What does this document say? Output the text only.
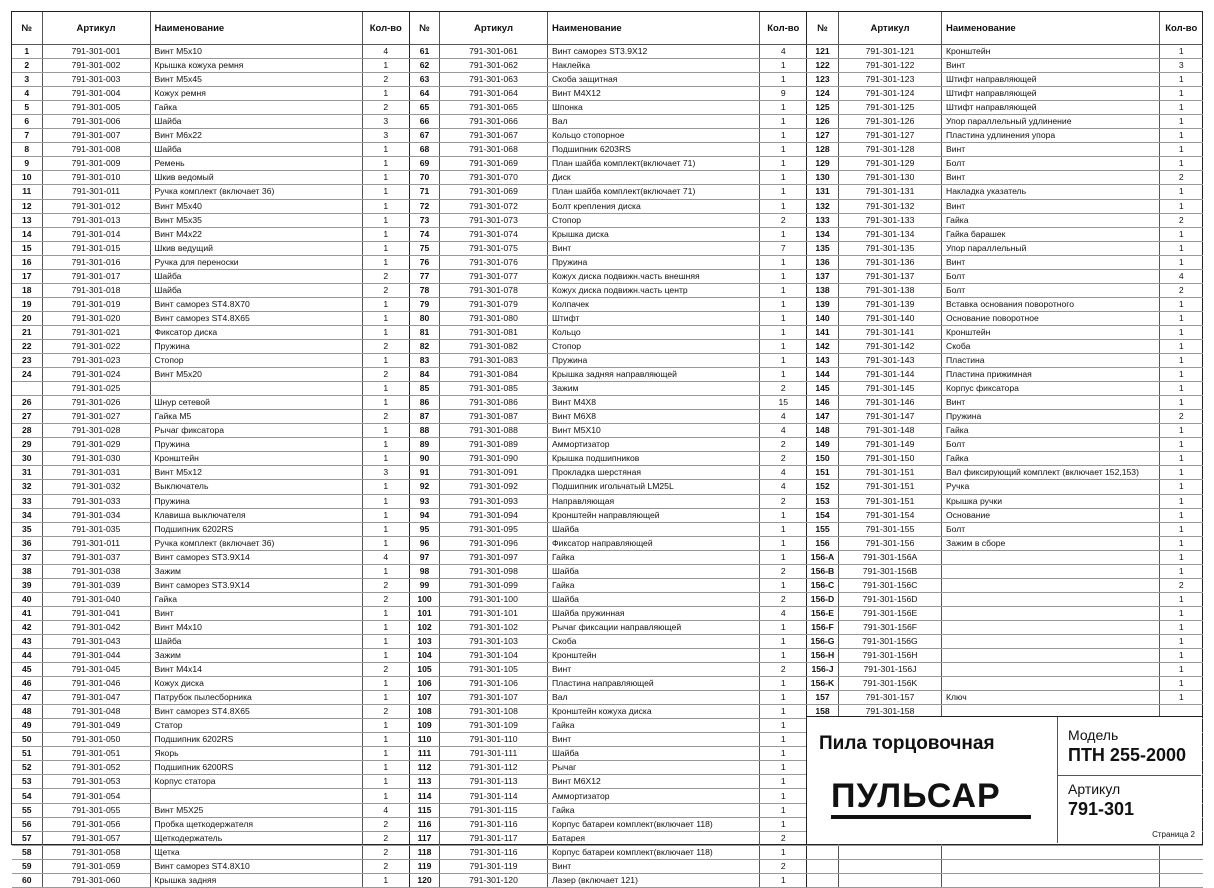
№	Артикул	Наименование	Кол-во
1	791-301-001	Винт M5x10	4
2	791-301-002	Крышка кожуха ремня	1
3	791-301-003	Винт M5x45	2
4	791-301-004	Кожух ремня	1
5	791-301-005	Гайка	2
6	791-301-006	Шайба	3
7	791-301-007	Винт M6x22	3
8	791-301-008	Шайба	1
9	791-301-009	Ремень	1
10	791-301-010	Шкив ведомый	1
11	791-301-011	Ручка комплект (включает 36)	1
12	791-301-012	Винт M5x40	1
13	791-301-013	Винт M5x35	1
14	791-301-014	Винт M4x22	1
15	791-301-015	Шкив ведущий	1
16	791-301-016	Ручка для переноски	1
17	791-301-017	Шайба	2
18	791-301-018	Шайба	2
19	791-301-019	Винт саморез ST4.8X70	1
20	791-301-020	Винт саморез ST4.8X65	1
21	791-301-021	Фиксатор диска	1
22	791-301-022	Пружина	2
23	791-301-023	Стопор	1
24	791-301-024	Винт M5x20	2
	791-301-025		1
26	791-301-026	Шнур сетевой	1
27	791-301-027	Гайка M5	2
28	791-301-028	Рычаг фиксатора	1
29	791-301-029	Пружина	1
30	791-301-030	Кронштейн	1
31	791-301-031	Винт M5x12	3
32	791-301-032	Выключатель	1
33	791-301-033	Пружина	1
34	791-301-034	Клавиша выключателя	1
35	791-301-035	Подшипник 6202RS	1
36	791-301-011	Ручка комплект (включает 36)	1
37	791-301-037	Винт саморез ST3.9X14	4
38	791-301-038	Зажим	1
39	791-301-039	Винт саморез ST3.9X14	2
40	791-301-040	Гайка	2
41	791-301-041	Винт	1
42	791-301-042	Винт M4x10	1
43	791-301-043	Шайба	1
44	791-301-044	Зажим	1
45	791-301-045	Винт M4x14	2
46	791-301-046	Кожух диска	1
47	791-301-047	Патрубок пылесборника	1
48	791-301-048	Винт саморез ST4.8X65	2
49	791-301-049	Статор	1
50	791-301-050	Подшипник 6202RS	1
51	791-301-051	Якорь	1
52	791-301-052	Подшипник 6200RS	1
53	791-301-053	Корпус статора	1
54	791-301-054		1
55	791-301-055	Винт M5X25	4
56	791-301-056	Пробка щеткодержателя	2
57	791-301-057	Щеткодержатель	2
58	791-301-058	Щетка	2
59	791-301-059	Винт саморез ST4.8X10	2
60	791-301-060	Крышка задняя	1
№	Артикул	Наименование	Кол-во
61	791-301-061	Винт саморез ST3.9X12	4
62	791-301-062	Наклейка	1
63	791-301-063	Скоба защитная	1
64	791-301-064	Винт M4X12	9
65	791-301-065	Шпонка	1
66	791-301-066	Вал	1
67	791-301-067	Кольцо стопорное	1
68	791-301-068	Подшипник 6203RS	1
69	791-301-069	План шайба комплект(включает 71)	1
70	791-301-070	Диск	1
71	791-301-069	План шайба комплект(включает 71)	1
72	791-301-072	Болт крепления диска	1
73	791-301-073	Стопор	2
74	791-301-074	Крышка диска	1
75	791-301-075	Винт	7
76	791-301-076	Пружина	1
77	791-301-077	Кожух диска подвижн.часть внешняя	1
78	791-301-078	Кожух диска подвижн.часть центр	1
79	791-301-079	Колпачек	1
80	791-301-080	Штифт	1
81	791-301-081	Кольцо	1
82	791-301-082	Стопор	1
83	791-301-083	Пружина	1
84	791-301-084	Крышка задняя направляющей	1
85	791-301-085	Зажим	2
86	791-301-086	Винт M4X8	15
87	791-301-087	Винт M6X8	4
88	791-301-088	Винт M5X10	4
89	791-301-089	Аммортизатор	2
90	791-301-090	Крышка подшипников	2
91	791-301-091	Прокладка шерстяная	4
92	791-301-092	Подшипник игольчатый LM25L	4
93	791-301-093	Направляющая	2
94	791-301-094	Кронштейн направляющей	1
95	791-301-095	Шайба	1
96	791-301-096	Фиксатор направляющей	1
97	791-301-097	Гайка	1
98	791-301-098	Шайба	2
99	791-301-099	Гайка	1
100	791-301-100	Шайба	2
101	791-301-101	Шайба пружинная	4
102	791-301-102	Рычаг фиксации направляющей	1
103	791-301-103	Скоба	1
104	791-301-104	Кронштейн	1
105	791-301-105	Винт	2
106	791-301-106	Пластина направляющей	1
107	791-301-107	Вал	1
108	791-301-108	Кронштейн кожуха диска	1
109	791-301-109	Гайка	1
110	791-301-110	Винт	1
111	791-301-111	Шайба	1
112	791-301-112	Рычаг	1
113	791-301-113	Винт M6X12	1
114	791-301-114	Аммортизатор	1
115	791-301-115	Гайка	1
116	791-301-116	Корпус батареи комплект(включает 118)	1
117	791-301-117	Батарея	2
118	791-301-116	Корпус батареи комплект(включает 118)	1
119	791-301-119	Винт	2
120	791-301-120	Лазер (включает 121)	1
№	Артикул	Наименование	Кол-во
121	791-301-121	Кронштейн	1
122	791-301-122	Винт	3
123	791-301-123	Штифт направляющей	1
124	791-301-124	Штифт направляющей	1
125	791-301-125	Штифт направляющей	1
126	791-301-126	Упор параллельный удлинение	1
127	791-301-127	Пластина удлинения упора	1
128	791-301-128	Винт	1
129	791-301-129	Болт	1
130	791-301-130	Винт	2
131	791-301-131	Накладка указатель	1
132	791-301-132	Винт	1
133	791-301-133	Гайка	2
134	791-301-134	Гайка барашек	1
135	791-301-135	Упор параллельный	1
136	791-301-136	Винт	1
137	791-301-137	Болт	4
138	791-301-138	Болт	2
139	791-301-139	Вставка основания поворотного	1
140	791-301-140	Основание поворотное	1
141	791-301-141	Кронштейн	1
142	791-301-142	Скоба	1
143	791-301-143	Пластина	1
144	791-301-144	Пластина прижимная	1
145	791-301-145	Корпус фиксатора	1
146	791-301-146	Винт	1
147	791-301-147	Пружина	2
148	791-301-148	Гайка	1
149	791-301-149	Болт	1
150	791-301-150	Гайка	1
151	791-301-151	Вал фиксирующий комплект (включает 152,153)	1
152	791-301-151	Ручка	1
153	791-301-151	Крышка ручки	1
154	791-301-154	Основание	1
155	791-301-155	Болт	1
156	791-301-156	Зажим в сборе	1
156-A	791-301-156A		1
156-B	791-301-156B		1
156-C	791-301-156C		2
156-D	791-301-156D		1
156-E	791-301-156E		1
156-F	791-301-156F		1
156-G	791-301-156G		1
156-H	791-301-156H		1
156-J	791-301-156J		1
156-K	791-301-156K		1
157	791-301-157	Ключ	1
158	791-301-158		

Пила торцовочная
ПУЛЬСАР
Модель
ПТН 255-2000
Артикул
791-301
Страница 2
